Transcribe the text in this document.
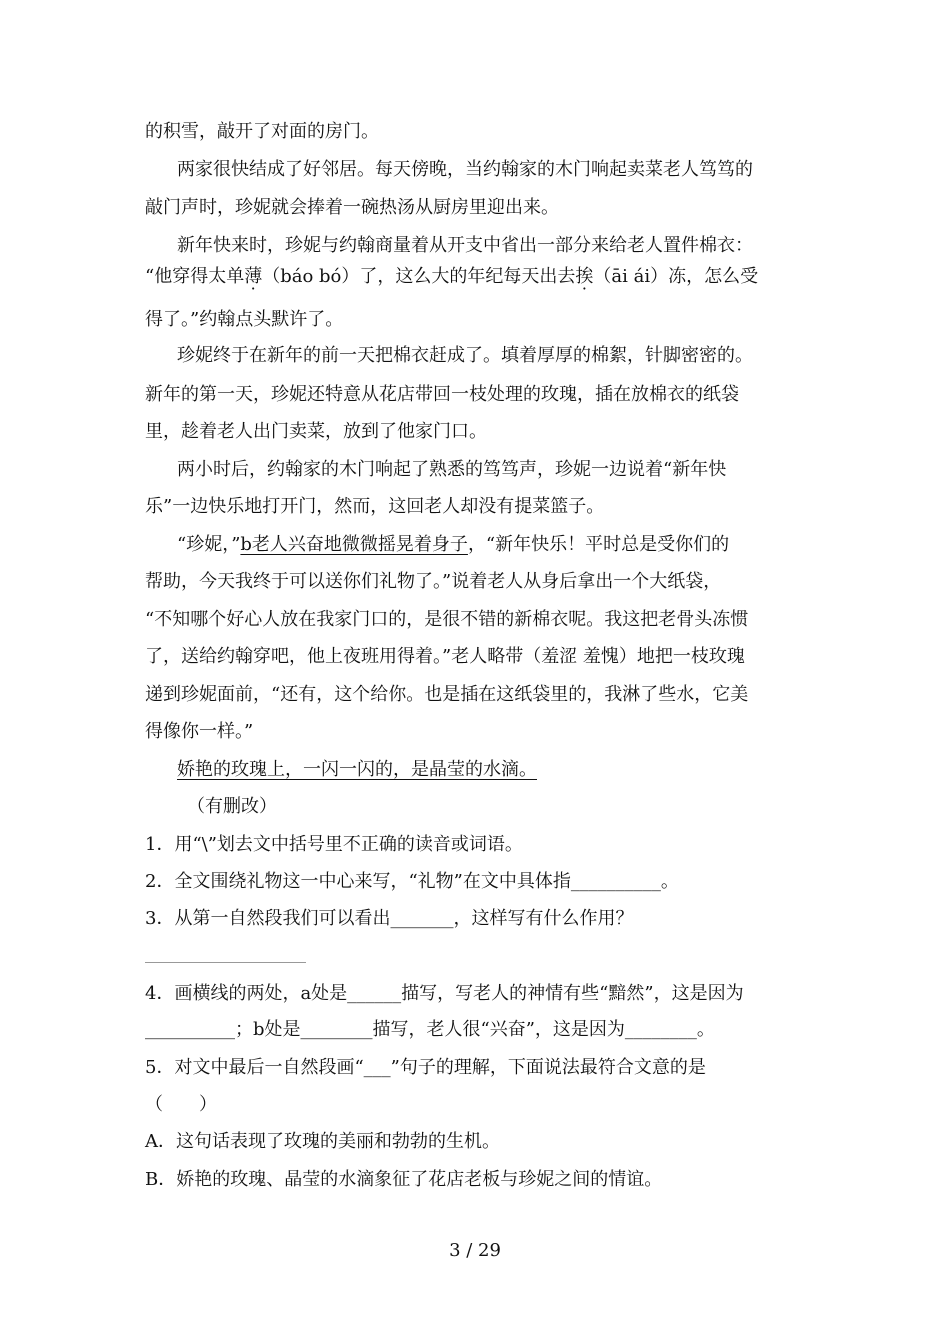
的积雪，敲开了对面的房门。
两家很快结成了好邻居。每天傍晚，当约翰家的木门响起卖菜老人笃笃的
敲门声时，珍妮就会捧着一碗热汤从厨房里迎出来。
新年快来时，珍妮与约翰商量着从开支中省出一部分来给老人置件棉衣：
“他穿得太单薄（báo bó）了，这么大的年纪每天出去挨（āi ái）冻，怎么受
得了。”约翰点头默许了。
珍妮终于在新年的前一天把棉衣赶成了。填着厚厚的棉絮，针脚密密的。
新年的第一天，珍妮还特意从花店带回一枝处理的玫瑰，插在放棉衣的纸袋
里，趁着老人出门卖菜，放到了他家门口。
两小时后，约翰家的木门响起了熟悉的笃笃声，珍妮一边说着“新年快
乐”一边快乐地打开门，然而，这回老人却没有提菜篮子。
“珍妮，”b老人兴奋地微微摇晃着身子，“新年快乐！平时总是受你们的
帮助，今天我终于可以送你们礼物了。”说着老人从身后拿出一个大纸袋，
“不知哪个好心人放在我家门口的，是很不错的新棉衣呢。我这把老骨头冻惯
了，送给约翰穿吧，他上夜班用得着。”老人略带（羞涩 羞愧）地把一枝玫瑰
递到珍妮面前，“还有，这个给你。也是插在这纸袋里的，我淋了些水，它美
得像你一样。”
娇艳的玫瑰上，一闪一闪的，是晶莹的水滴。
（有删改）
1．用“\”划去文中括号里不正确的读音或词语。
2．全文围绕礼物这一中心来写，“礼物”在文中具体指__________。
3．从第一自然段我们可以看出_______，这样写有什么作用？
4．画横线的两处，a处是______描写，写老人的神情有些“黯然”，这是因为
__________；b处是________描写，老人很“兴奋”，这是因为________。
5．对文中最后一自然段画“___”句子的理解，下面说法最符合文意的是
（　　）
A．这句话表现了玫瑰的美丽和勃勃的生机。
B．娇艳的玫瑰、晶莹的水滴象征了花店老板与珍妮之间的情谊。
3 / 29
